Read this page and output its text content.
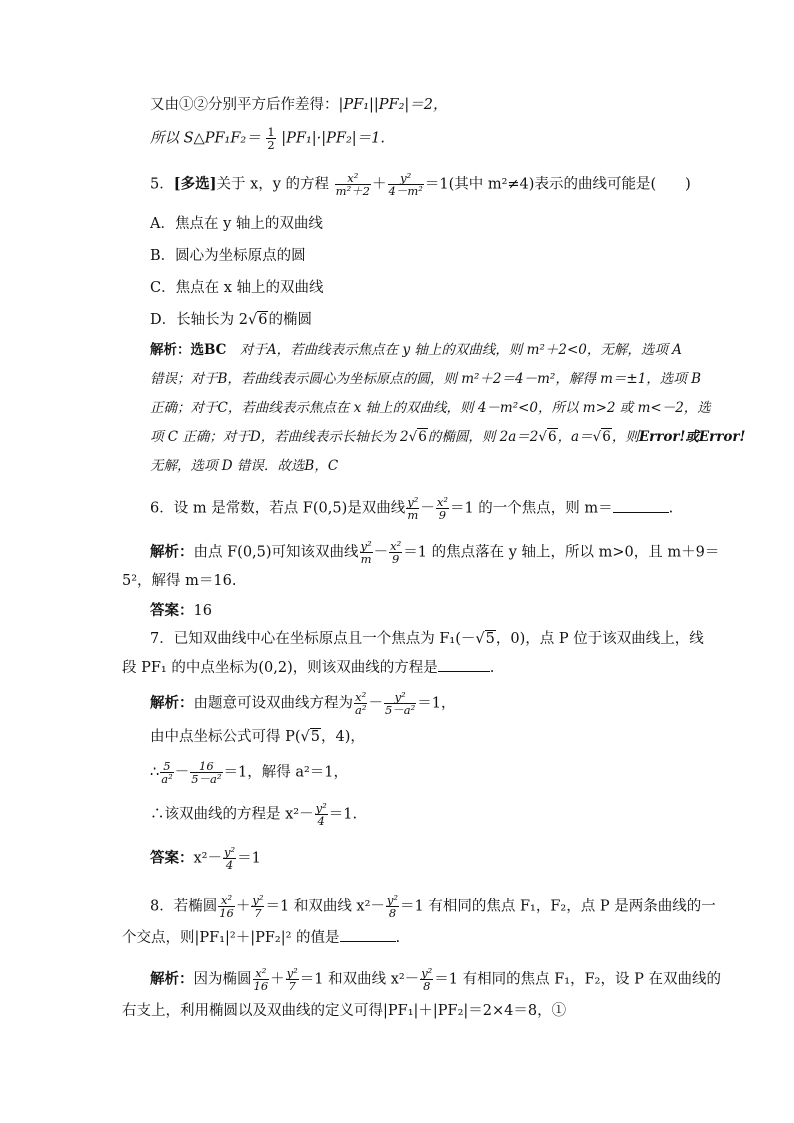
又由①②分别平方后作差得：|PF₁||PF₂|＝2，
所以 S△PF₁F₂＝ $\frac{1}{2} |PF_1|\cdot|PF_2|=1$.
5．[多选]关于 x，y 的方程 $\frac{\text{x²}}{\text{m²＋2}} + \frac{\text{y²}}{\text{4－m²}} =1$(其中 m²≠4)表示的曲线可能是(　　)
A．焦点在 y 轴上的双曲线
B．圆心为坐标原点的圆
C．焦点在 x 轴上的双曲线
D．长轴长为 2√6的椭圆
解析：选BC　对于A，若曲线表示焦点在 y 轴上的双曲线，则 m²＋2<0，无解，选项 A
错误；对于B，若曲线表示圆心为坐标原点的圆，则 m²＋2＝4－m²，解得 m＝±1，选项 B
正确；对于C，若曲线表示焦点在 x 轴上的双曲线，则 4－m²<0，所以 m>2 或 m<－2，选
项 C 正确；对于D，若曲线表示长轴长为 2√6的椭圆，则 2a＝2√6，a＝√6，则Error!或Error!
无解，选项 D 错误．故选B，C
6．设 m 是常数，若点 F(0,5)是双曲线 $\frac{\text{y²}}{m} - \frac{\text{x²}}{9} =1$ 的一个焦点，则 m＝	.
解析：由点 F(0,5)可知该双曲线 $\frac{\text{y²}}{m} - \frac{\text{x²}}{9} =1$ 的焦点落在 y 轴上，所以 m>0，且 m＋9＝
5²，解得 m＝16.
答案：16
7．已知双曲线中心在坐标原点且一个焦点为 F₁(－√5，0)，点 P 位于该双曲线上，线
段 PF₁ 的中点坐标为(0,2)，则该双曲线的方程是	.
解析：由题意可设双曲线方程为 $\frac{\text{x²}}{\text{a²}} - \frac{\text{y²}}{\text{5－a²}} =1$，
由中点坐标公式可得 P(√5，4)，
∴ $\frac{5}{\text{a²}} - \frac{16}{\text{5－a²}} =1$，解得 a²＝1，
∴该双曲线的方程是 $x^2- \frac{\text{y²}}{4} =1$.
答案：$x^2- \frac{\text{y²}}{4} =1$
8．若椭圆 $\frac{\text{x²}}{16} + \frac{\text{y²}}{7} =1$ 和双曲线 $x^2- \frac{\text{y²}}{8} =1$ 有相同的焦点 F₁，F₂，点 P 是两条曲线的一
个交点，则|PF₁|²＋|PF₂|² 的值是	.
解析：因为椭圆 $\frac{\text{x²}}{16} + \frac{\text{y²}}{7} =1$ 和双曲线 $x^2- \frac{\text{y²}}{8} =1$ 有相同的焦点 F₁，F₂，设 P 在双曲线的
右支上，利用椭圆以及双曲线的定义可得|PF₁|＋|PF₂|＝2×4＝8，①
